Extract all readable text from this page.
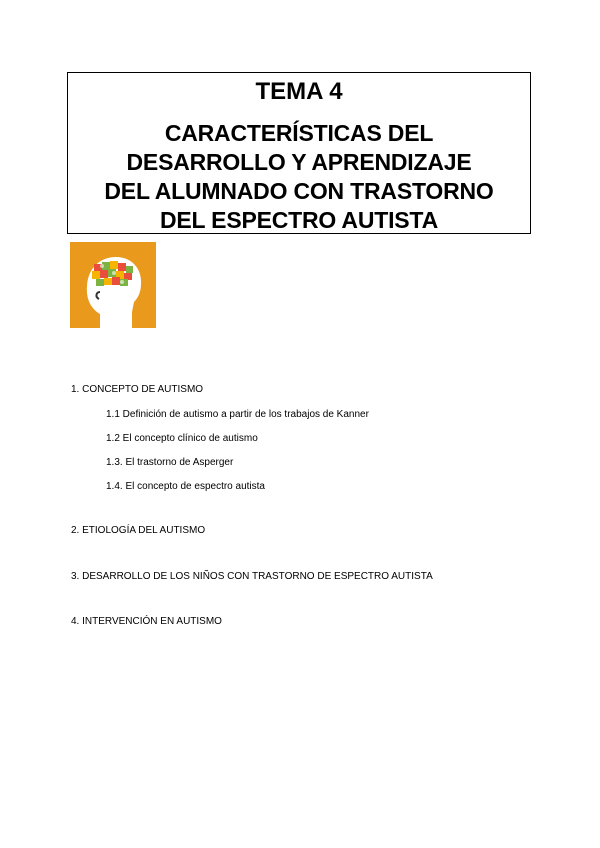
TEMA 4
CARACTERÍSTICAS DEL
DESARROLLO Y APRENDIZAJE
DEL ALUMNADO CON TRASTORNO
DEL ESPECTRO AUTISTA
1. CONCEPTO DE AUTISMO
1.1 Definición de autismo a partir de los trabajos de Kanner
1.2 El concepto clínico de autismo
1.3. El trastorno de Asperger
1.4. El concepto de espectro autista
2. ETIOLOGÍA DEL AUTISMO
3. DESARROLLO DE LOS NIÑOS CON TRASTORNO DE ESPECTRO AUTISTA
4. INTERVENCIÓN EN AUTISMO
